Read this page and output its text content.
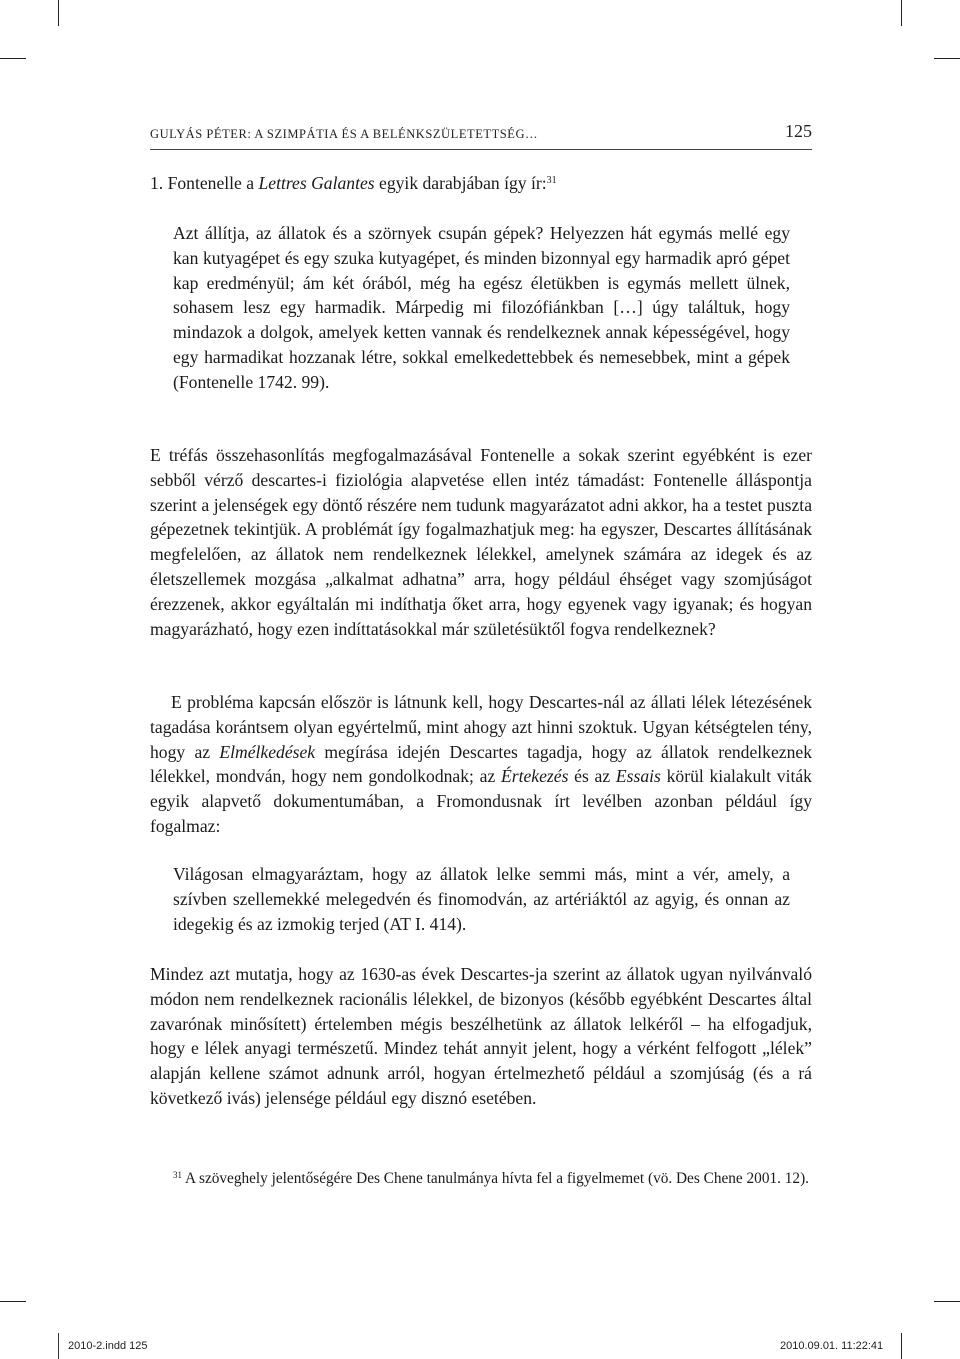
GULYÁS PÉTER: A SZIMPÁTIA ÉS A BELÉNKSZÜLETETTSÉG…	125
1. Fontenelle a Lettres Galantes egyik darabjában így ír:$^{31}$

Azt állítja, az állatok és a szörnyek csupán gépek? Helyezzen hát egymás mellé egy kan kutyagépet és egy szuka kutyagépet, és minden bizonnyal egy harmadik apró gépet kap eredményül; ám két órából, még ha egész életükben is egymás mellett ülnek, sohasem lesz egy harmadik. Márpedig mi filozófiánkban […] úgy találtuk, hogy mindazok a dolgok, amelyek ketten vannak és rendelkeznek annak képességével, hogy egy harmadikat hozzanak létre, sokkal emelkedettebbek és nemesebbek, mint a gépek (Fontenelle 1742. 99).

E tréfás összehasonlítás megfogalmazásával Fontenelle a sokak szerint egyébként is ezer sebből vérző descartes-i fiziológia alapvetése ellen intéz támadást: Fontenelle álláspontja szerint a jelenségek egy döntő részére nem tudunk magyarázatot adni akkor, ha a testet puszta gépezetnek tekintjük. A problémát így fogalmazhatjuk meg: ha egyszer, Descartes állításának megfelelően, az állatok nem rendelkeznek lélekkel, amelynek számára az idegek és az életszellemek mozgása „alkalmat adhatna” arra, hogy például éhséget vagy szomjúságot érezzenek, akkor egyáltalán mi indíthatja őket arra, hogy egyenek vagy igyanak; és hogyan magyarázható, hogy ezen indíttatásokkal már születésüktől fogva rendelkeznek?

E probléma kapcsán először is látnunk kell, hogy Descartes-nál az állati lélek létezésének tagadása korántsem olyan egyértelmű, mint ahogy azt hinni szoktuk. Ugyan kétségtelen tény, hogy az Elmélkedések megírása idején Descartes tagadja, hogy az állatok rendelkeznek lélekkel, mondván, hogy nem gondolkodnak; az Értekezés és az Essais körül kialakult viták egyik alapvető dokumentumában, a Fromondusnak írt levélben azonban például így fogalmaz:

Világosan elmagyaráztam, hogy az állatok lelke semmi más, mint a vér, amely, a szívben szellemekké melegedvén és finomodván, az artériáktól az agyig, és onnan az idegekig és az izmokig terjed (AT I. 414).

Mindez azt mutatja, hogy az 1630-as évek Descartes-ja szerint az állatok ugyan nyilvánvaló módon nem rendelkeznek racionális lélekkel, de bizonyos (később egyébként Descartes által zavarónak minősített) értelemben mégis beszélhetünk az állatok lelkéről – ha elfogadjuk, hogy e lélek anyagi természetű. Mindez tehát annyit jelent, hogy a vérként felfogott „lélek” alapján kellene számot adnunk arról, hogyan értelmezhető például a szomjúság (és a rá következő ivás) jelensége például egy disznó esetében.

$^{31}$ A szöveghely jelentőségére Des Chene tanulmánya hívta fel a figyelmemet (vö. Des Chene 2001. 12).

2010-2.indd 125	2010.09.01. 11:22:41
